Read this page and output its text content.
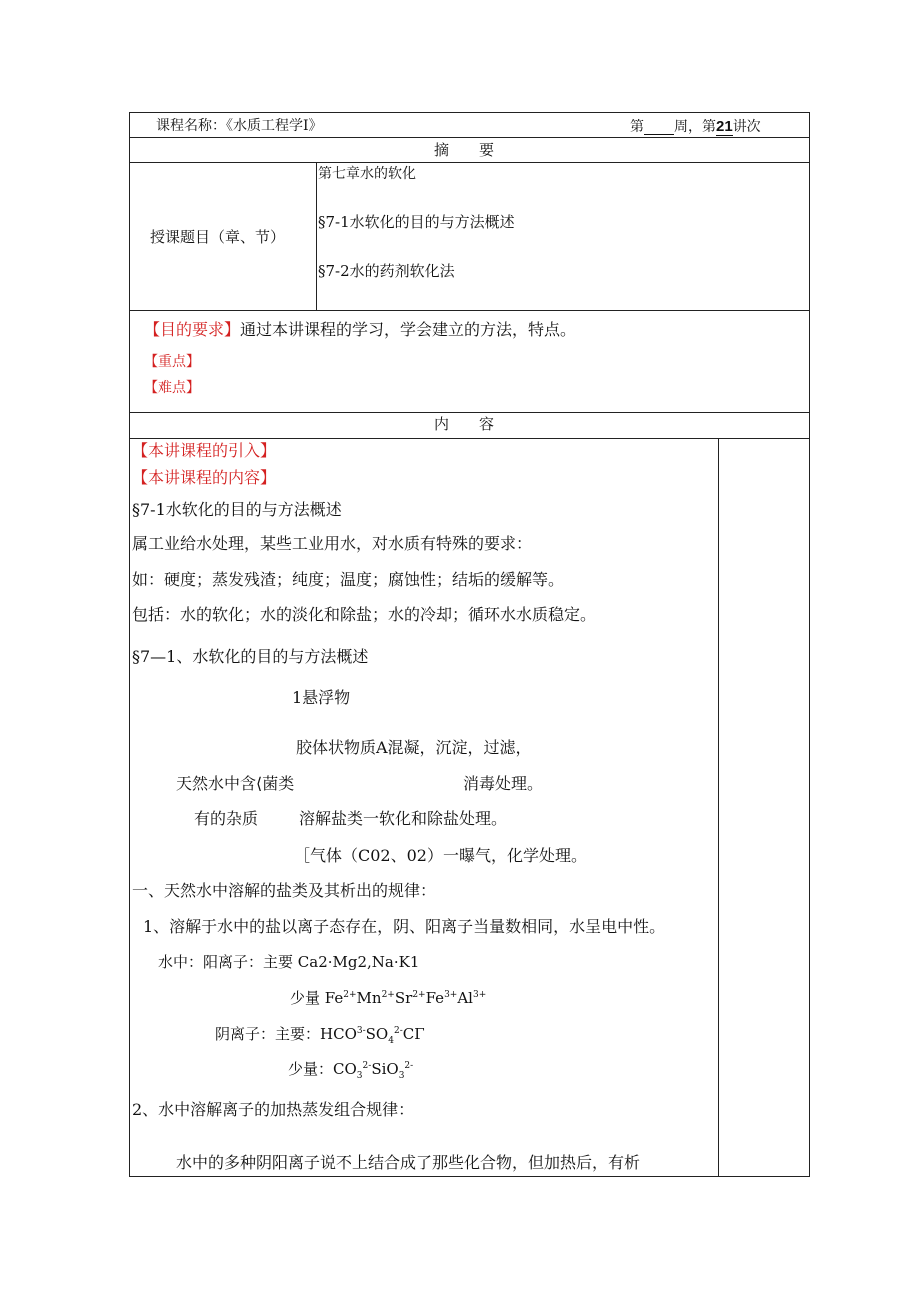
课程名称：《水质工程学Ⅰ》	第 周，第21讲次
摘　　要
授课题目（章、节）
第七章水的软化
§7-1水软化的目的与方法概述
§7-2水的药剂软化法
【目的要求】通过本讲课程的学习，学会建立的方法，特点。
【重点】
【难点】
内　　容
【本讲课程的引入】
【本讲课程的内容】
§7-1水软化的目的与方法概述
属工业给水处理，某些工业用水，对水质有特殊的要求：
如：硬度；蒸发残渣；纯度；温度；腐蚀性；结垢的缓解等。
包括：水的软化；水的淡化和除盐；水的冷却；循环水水质稳定。
§7—1、水软化的目的与方法概述
1悬浮物
胶体状物质A混凝，沉淀，过滤，
天然水中含⟨菌类	消毒处理。
有的杂质	溶解盐类一软化和除盐处理。
［气体（C02、02）一曝气，化学处理。
一、天然水中溶解的盐类及其析出的规律：
1、溶解于水中的盐以离子态存在，阴、阳离子当量数相同，水呈电中性。
水中：阳离子：主要 Ca2·Mg2,Na·K1
少量 $Fe^{2+}Mn^{2+}Sr^{2+}Fe^{3+}Al^{3+}$
阴离子：主要：$HCO^{3-}SO_4^{2-}C\Gamma$
少量：$CO_3^{2-}SiO_3^{2-}$
2、水中溶解离子的加热蒸发组合规律：
水中的多种阴阳离子说不上结合成了那些化合物，但加热后，有析
